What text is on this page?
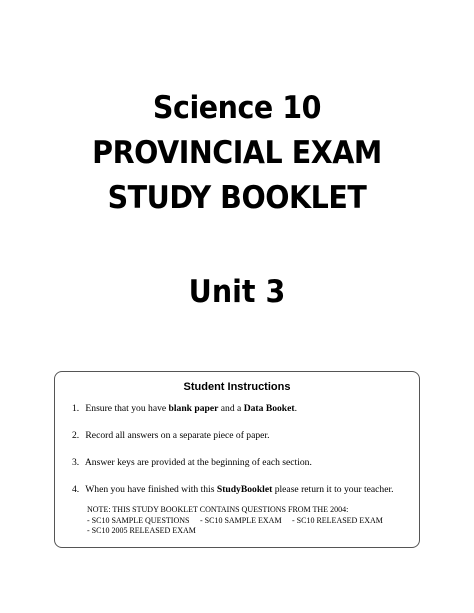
Science 10
PROVINCIAL EXAM
STUDY BOOKLET
Unit 3
Student Instructions
1. Ensure that you have blank paper and a Data Booket.
2. Record all answers on a separate piece of paper.
3. Answer keys are provided at the beginning of each section.
4. When you have finished with this StudyBooklet please return it to your teacher.
NOTE: THIS STUDY BOOKLET CONTAINS QUESTIONS FROM THE 2004:
- SC10 SAMPLE QUESTIONS - SC10 SAMPLE EXAM - SC10 RELEASED EXAM
- SC10 2005 RELEASED EXAM
